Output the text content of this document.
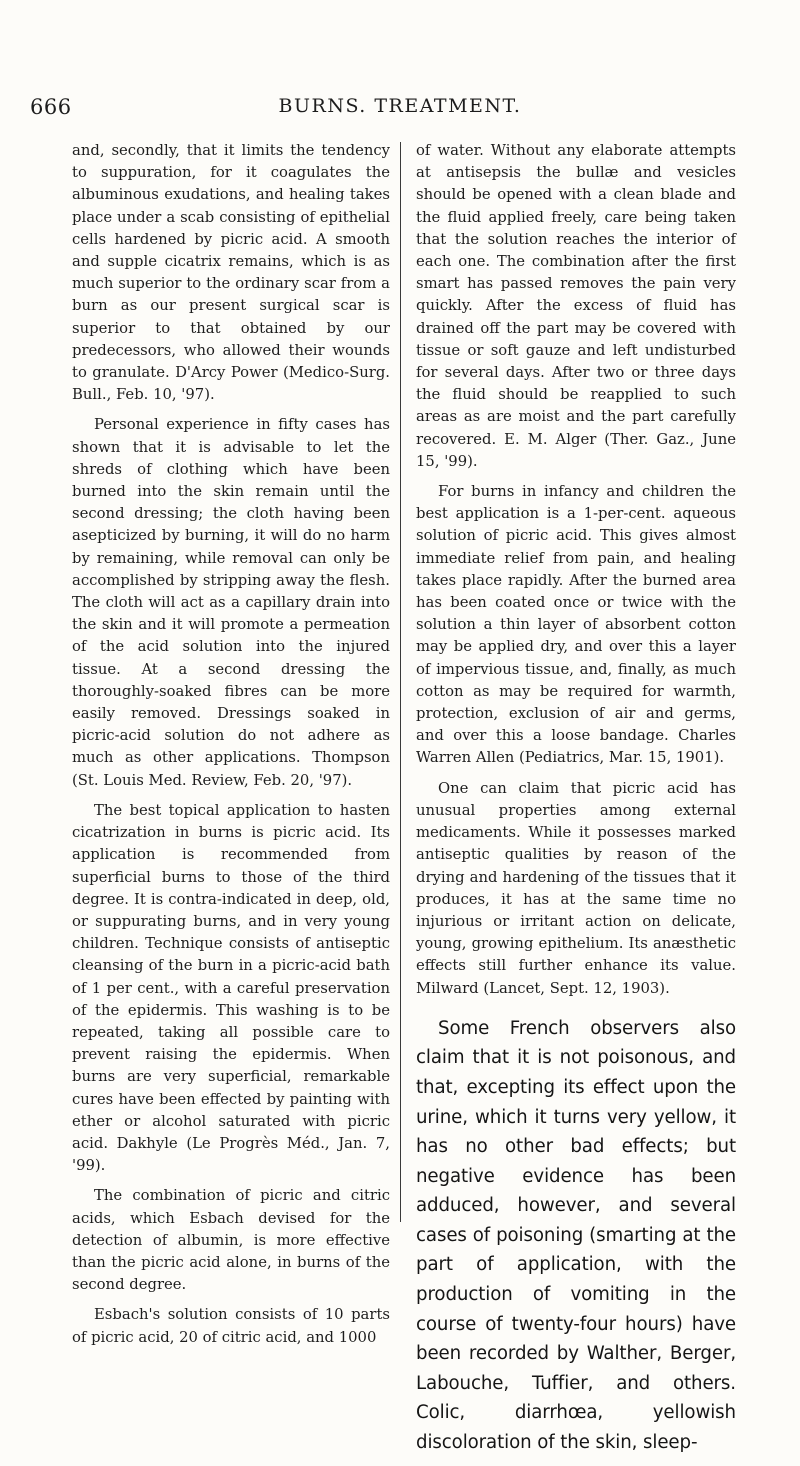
666	BURNS. TREATMENT.

and, secondly, that it limits the tendency to suppuration, for it coagulates the albuminous exudations, and healing takes place under a scab consisting of epithelial cells hardened by picric acid. A smooth and supple cicatrix remains, which is as much superior to the ordinary scar from a burn as our present surgical scar is superior to that obtained by our predecessors, who allowed their wounds to granulate. D'Arcy Power (Medico-Surg. Bull., Feb. 10, '97).

Personal experience in fifty cases has shown that it is advisable to let the shreds of clothing which have been burned into the skin remain until the second dressing; the cloth having been asepticized by burning, it will do no harm by remaining, while removal can only be accomplished by stripping away the flesh. The cloth will act as a capillary drain into the skin and it will promote a permeation of the acid solution into the injured tissue. At a second dressing the thoroughly-soaked fibres can be more easily removed. Dressings soaked in picric-acid solution do not adhere as much as other applications. Thompson (St. Louis Med. Review, Feb. 20, '97).

The best topical application to hasten cicatrization in burns is picric acid. Its application is recommended from superficial burns to those of the third degree. It is contra-indicated in deep, old, or suppurating burns, and in very young children. Technique consists of antiseptic cleansing of the burn in a picric-acid bath of 1 per cent., with a careful preservation of the epidermis. This washing is to be repeated, taking all possible care to prevent raising the epidermis. When burns are very superficial, remarkable cures have been effected by painting with ether or alcohol saturated with picric acid. Dakhyle (Le Progrès Méd., Jan. 7, '99).

The combination of picric and citric acids, which Esbach devised for the detection of albumin, is more effective than the picric acid alone, in burns of the second degree.

Esbach's solution consists of 10 parts of picric acid, 20 of citric acid, and 1000

of water. Without any elaborate attempts at antisepsis the bullæ and vesicles should be opened with a clean blade and the fluid applied freely, care being taken that the solution reaches the interior of each one. The combination after the first smart has passed removes the pain very quickly. After the excess of fluid has drained off the part may be covered with tissue or soft gauze and left undisturbed for several days. After two or three days the fluid should be reapplied to such areas as are moist and the part carefully recovered. E. M. Alger (Ther. Gaz., June 15, '99).

For burns in infancy and children the best application is a 1-per-cent. aqueous solution of picric acid. This gives almost immediate relief from pain, and healing takes place rapidly. After the burned area has been coated once or twice with the solution a thin layer of absorbent cotton may be applied dry, and over this a layer of impervious tissue, and, finally, as much cotton as may be required for warmth, protection, exclusion of air and germs, and over this a loose bandage. Charles Warren Allen (Pediatrics, Mar. 15, 1901).

One can claim that picric acid has unusual properties among external medicaments. While it possesses marked antiseptic qualities by reason of the drying and hardening of the tissues that it produces, it has at the same time no injurious or irritant action on delicate, young, growing epithelium. Its anæsthetic effects still further enhance its value. Milward (Lancet, Sept. 12, 1903).

Some French observers also claim that it is not poisonous, and that, excepting its effect upon the urine, which it turns very yellow, it has no other bad effects; but negative evidence has been adduced, however, and several cases of poisoning (smarting at the part of application, with the production of vomiting in the course of twenty-four hours) have been recorded by Walther, Berger, Labouche, Tuffier, and others. Colic, diarrhœa, yellowish discoloration of the skin, sleep-
